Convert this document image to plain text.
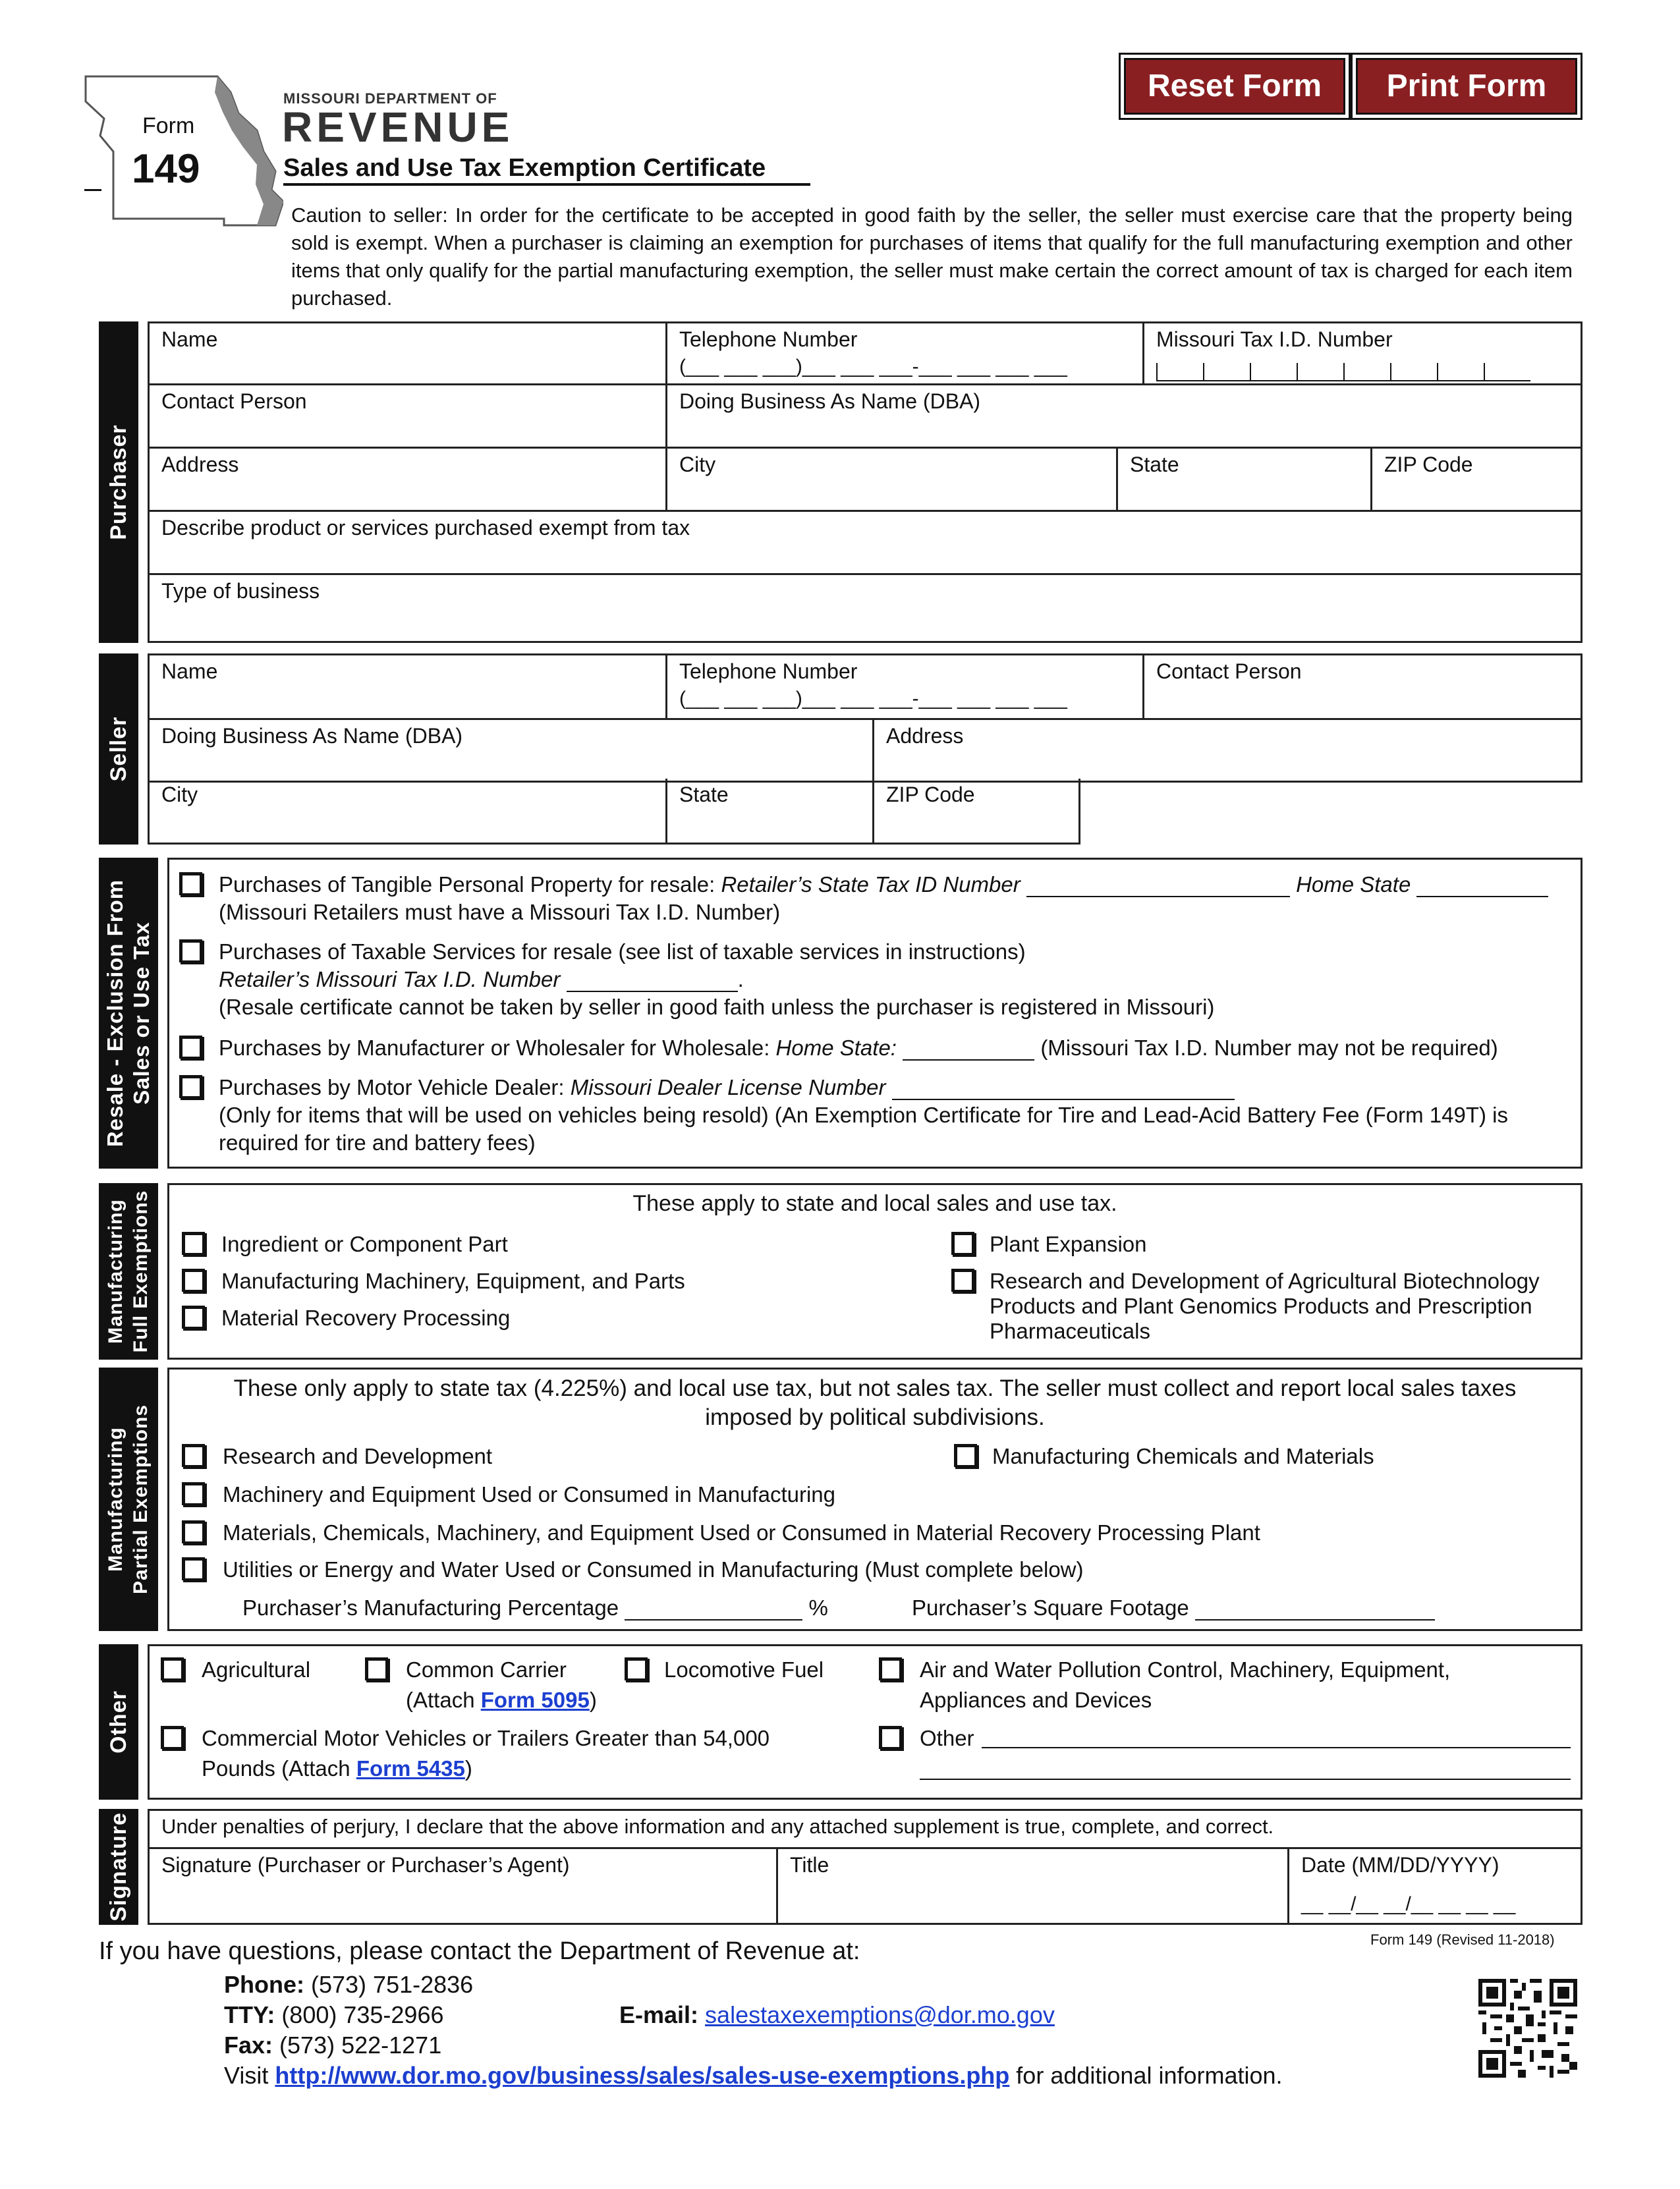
Reset Form	Print Form
Form
149
MISSOURI DEPARTMENT OF
REVENUE
Sales and Use Tax Exemption Certificate
Caution to seller: In order for the certificate to be accepted in good faith by the seller, the seller must exercise care that the property being sold is exempt. When a purchaser is claiming an exemption for purchases of items that qualify for the full manufacturing exemption and other items that only qualify for the partial manufacturing exemption, the seller must make certain the correct amount of tax is charged for each item purchased.
Purchaser
Name	Telephone Number
(___ ___ ___)___ ___ ___-___ ___ ___ ___
Missouri Tax I.D. Number
Contact Person	Doing Business As Name (DBA)
Address	City	State	ZIP Code
Describe product or services purchased exempt from tax
Type of business
Seller
Name	Telephone Number
(___ ___ ___)___ ___ ___-___ ___ ___ ___
Contact Person
Doing Business As Name (DBA)	Address
City	State	ZIP Code
Resale - Exclusion From
Sales or Use Tax
Purchases of Tangible Personal Property for resale: Retailer’s State Tax ID Number	Home State
(Missouri Retailers must have a Missouri Tax I.D. Number)
Purchases of Taxable Services for resale (see list of taxable services in instructions)
Retailer’s Missouri Tax I.D. Number	.
(Resale certificate cannot be taken by seller in good faith unless the purchaser is registered in Missouri)
Purchases by Manufacturer or Wholesaler for Wholesale: Home State:	(Missouri Tax I.D. Number may not be required)
Purchases by Motor Vehicle Dealer: Missouri Dealer License Number
(Only for items that will be used on vehicles being resold) (An Exemption Certificate for Tire and Lead-Acid Battery Fee (Form 149T) is
required for tire and battery fees)
Manufacturing
Full Exemptions	These apply to state and local sales and use tax.
Ingredient or Component Part
Manufacturing Machinery, Equipment, and Parts
Material Recovery Processing
Plant Expansion
Research and Development of Agricultural Biotechnology
Products and Plant Genomics Products and Prescription
Pharmaceuticals
Manufacturing
Partial Exemptions
These only apply to state tax (4.225%) and local use tax, but not sales tax. The seller must collect and report local sales taxes
imposed by political subdivisions.
Research and Development	Manufacturing Chemicals and Materials
Machinery and Equipment Used or Consumed in Manufacturing
Materials, Chemicals, Machinery, and Equipment Used or Consumed in Material Recovery Processing Plant
Utilities or Energy and Water Used or Consumed in Manufacturing (Must complete below)
Purchaser’s Manufacturing Percentage	%	Purchaser’s Square Footage
Other
Agricultural	Common Carrier
(Attach Form 5095)
Locomotive Fuel	Air and Water Pollution Control, Machinery, Equipment,
Appliances and Devices
Commercial Motor Vehicles or Trailers Greater than 54,000
Pounds (Attach Form 5435)
Other
Signature Under penalties of perjury, I declare that the above information and any attached supplement is true, complete, and correct.
Signature (Purchaser or Purchaser’s Agent)	Title	Date (MM/DD/YYYY)
__ __/__ __/__ __ __ __
If you have questions, please contact the Department of Revenue at:	Form 149 (Revised 11-2018)
Phone: (573) 751-2836
TTY: (800) 735-2966	E-mail: salestaxexemptions@dor.mo.gov
Fax: (573) 522-1271
Visit http://www.dor.mo.gov/business/sales/sales-use-exemptions.php for additional information.
